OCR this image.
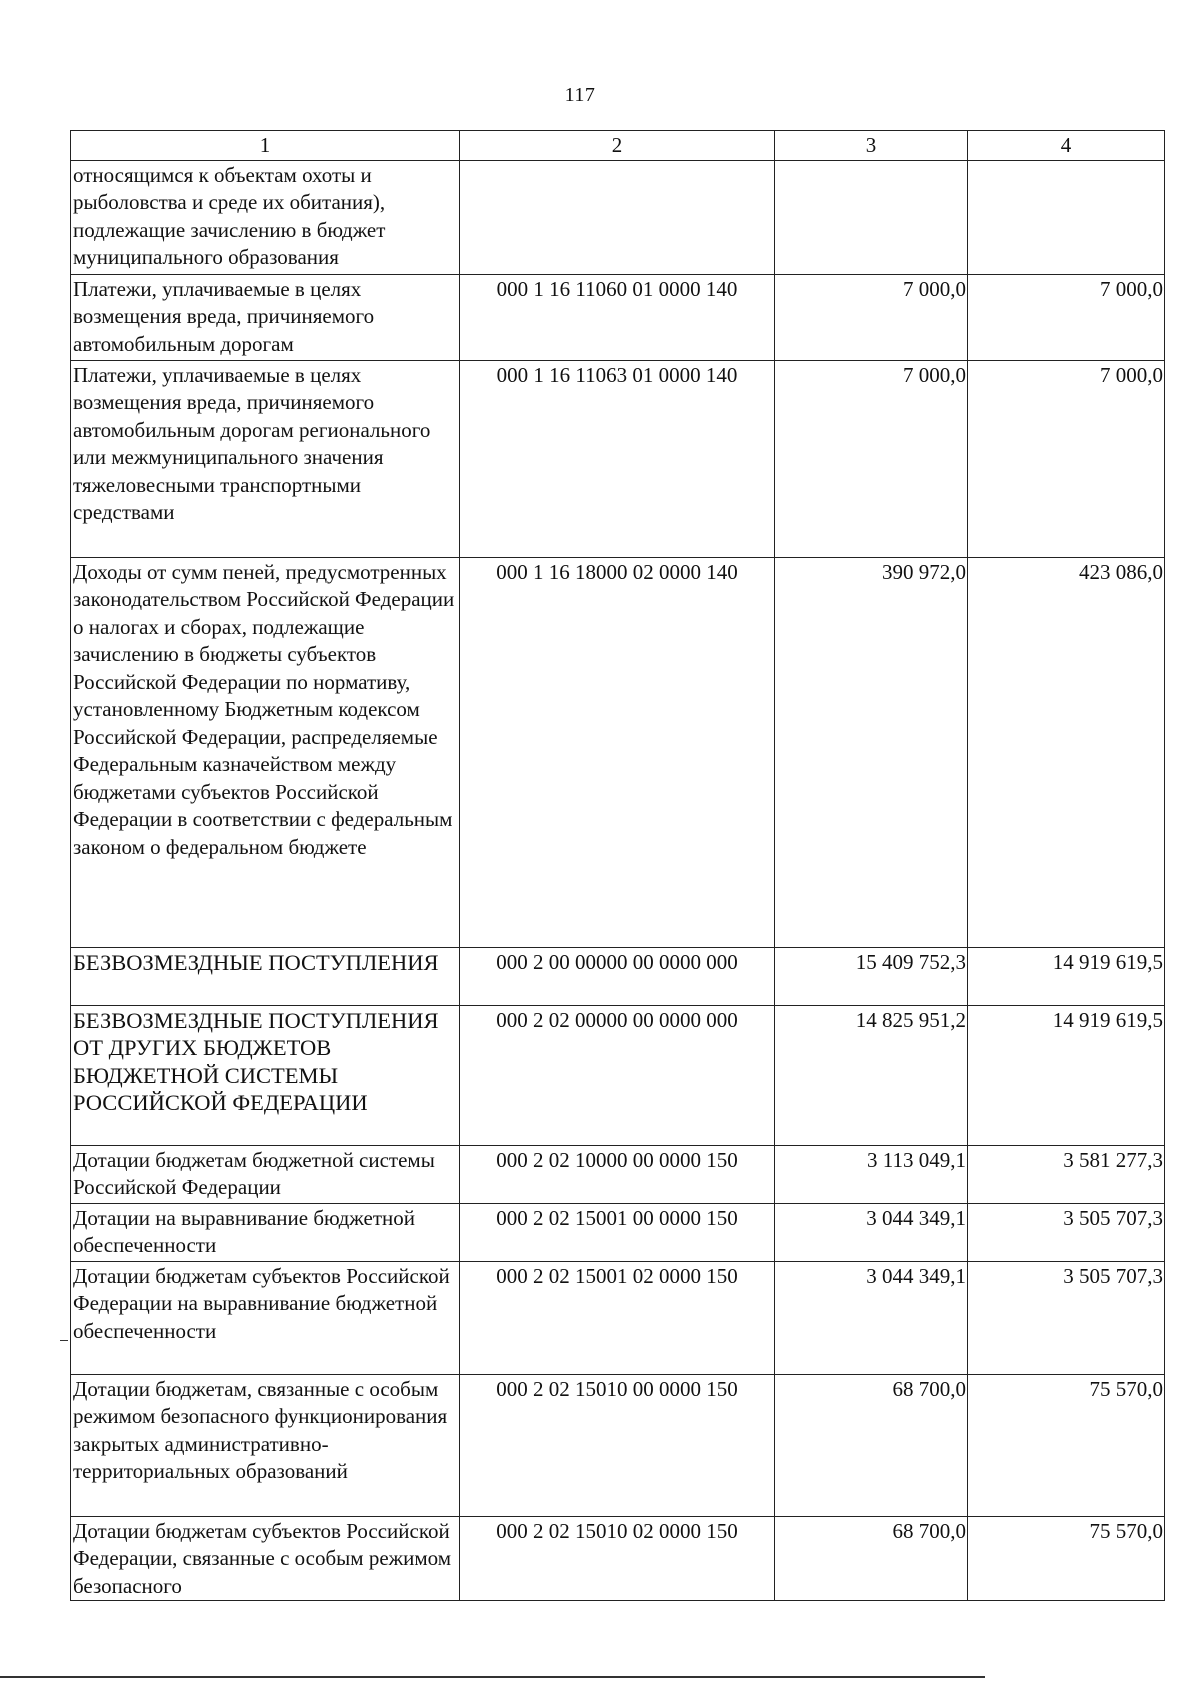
117
1	2	3	4
относящимся к объектам охоты и рыболовства и среде их обитания), подлежащие зачислению в бюджет муниципального образования			
Платежи, уплачиваемые в целях возмещения вреда, причиняемого автомобильным дорогам	000 1 16 11060 01 0000 140	7 000,0	7 000,0
Платежи, уплачиваемые в целях возмещения вреда, причиняемого автомобильным дорогам регионального или межмуниципального значения тяжеловесными транспортными средствами	000 1 16 11063 01 0000 140	7 000,0	7 000,0
Доходы от сумм пеней, предусмотренных законодательством Российской Федерации о налогах и сборах, подлежащие зачислению в бюджеты субъектов Российской Федерации по нормативу, установленному Бюджетным кодексом Российской Федерации, распределяемые Федеральным казначейством между бюджетами субъектов Российской Федерации в соответствии с федеральным законом о федеральном бюджете	000 1 16 18000 02 0000 140	390 972,0	423 086,0
БЕЗВОЗМЕЗДНЫЕ ПОСТУПЛЕНИЯ	000 2 00 00000 00 0000 000	15 409 752,3	14 919 619,5
БЕЗВОЗМЕЗДНЫЕ ПОСТУПЛЕНИЯ ОТ ДРУГИХ БЮДЖЕТОВ БЮДЖЕТНОЙ СИСТЕМЫ РОССИЙСКОЙ ФЕДЕРАЦИИ	000 2 02 00000 00 0000 000	14 825 951,2	14 919 619,5
Дотации бюджетам бюджетной системы Российской Федерации	000 2 02 10000 00 0000 150	3 113 049,1	3 581 277,3
Дотации на выравнивание бюджетной обеспеченности	000 2 02 15001 00 0000 150	3 044 349,1	3 505 707,3
Дотации бюджетам субъектов Российской Федерации на выравнивание бюджетной обеспеченности	000 2 02 15001 02 0000 150	3 044 349,1	3 505 707,3
Дотации бюджетам, связанные с особым режимом безопасного функционирования закрытых административно-территориальных образований	000 2 02 15010 00 0000 150	68 700,0	75 570,0
Дотации бюджетам субъектов Российской Федерации, связанные с особым режимом безопасного	000 2 02 15010 02 0000 150	68 700,0	75 570,0
